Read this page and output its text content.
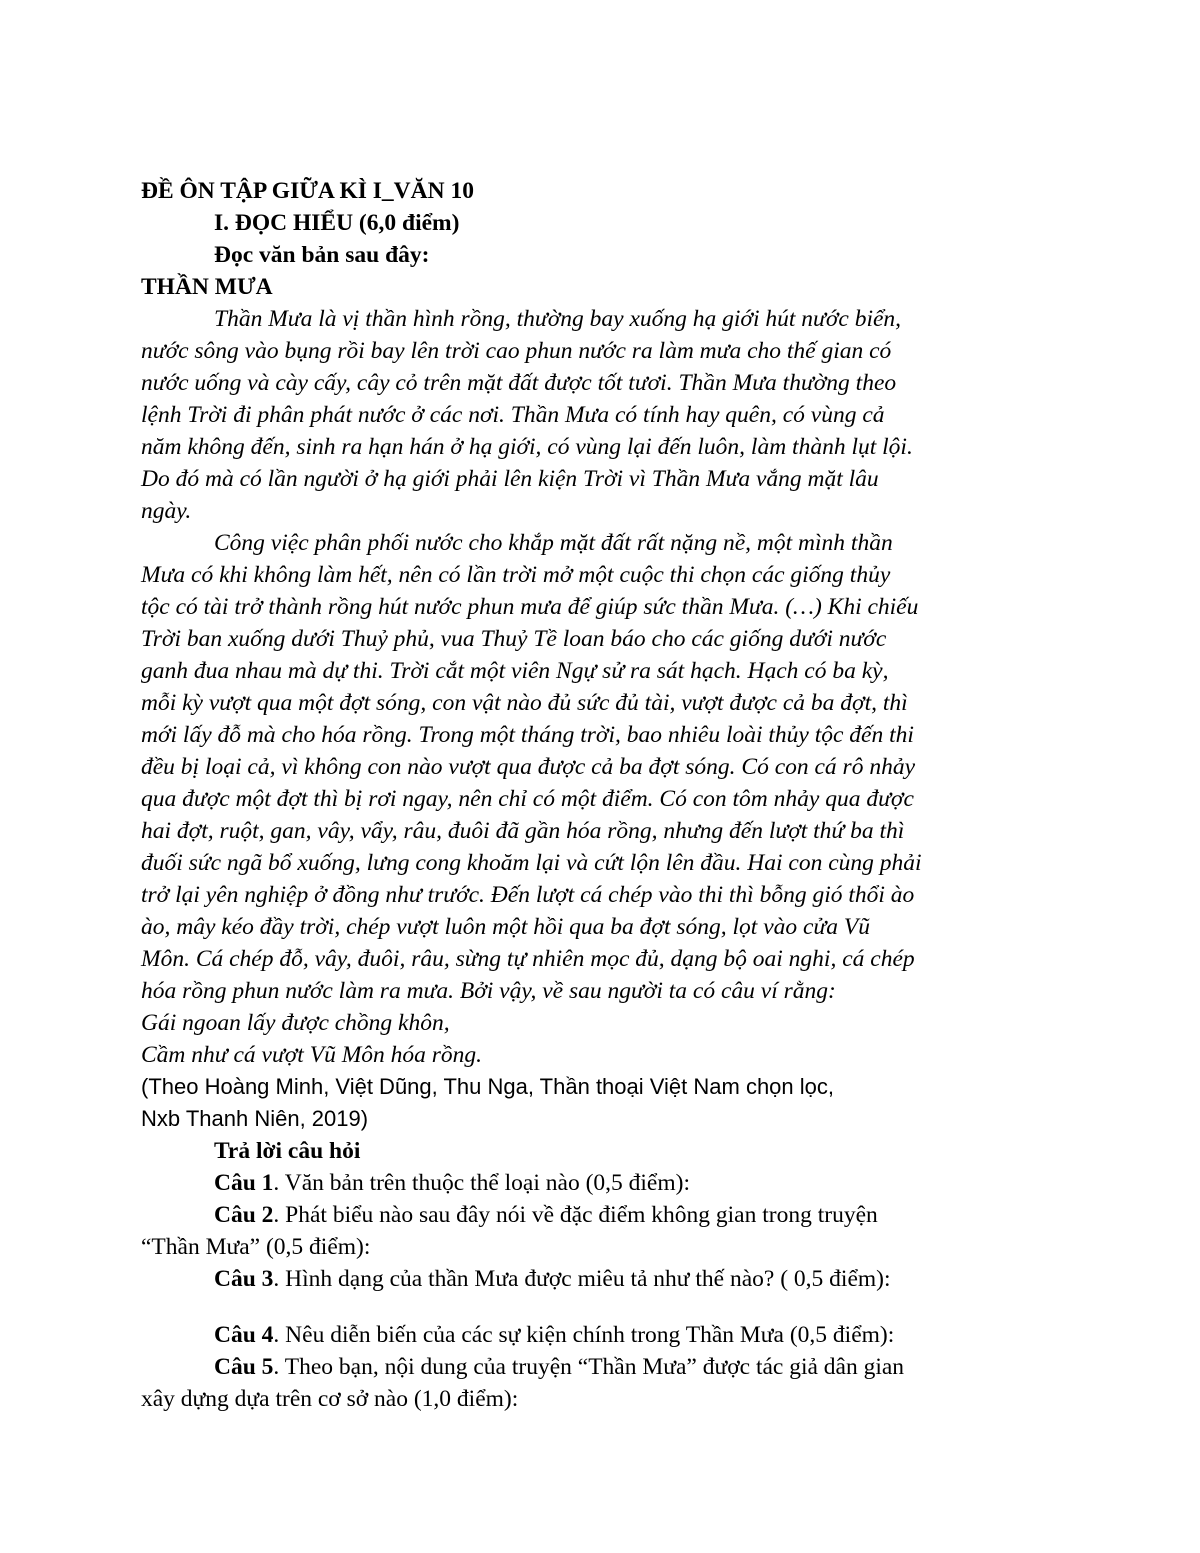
ĐỀ ÔN TẬP GIỮA KÌ I_VĂN 10
I. ĐỌC HIỂU (6,0 điểm)
Đọc văn bản sau đây:
THẦN MƯA
Thần Mưa là vị thần hình rồng, thường bay xuống hạ giới hút nước biển,
nước sông vào bụng rồi bay lên trời cao phun nước ra làm mưa cho thế gian có
nước uống và cày cấy, cây cỏ trên mặt đất được tốt tươi. Thần Mưa thường theo
lệnh Trời đi phân phát nước ở các nơi. Thần Mưa có tính hay quên, có vùng cả
năm không đến, sinh ra hạn hán ở hạ giới, có vùng lại đến luôn, làm thành lụt lội.
Do đó mà có lần người ở hạ giới phải lên kiện Trời vì Thần Mưa vắng mặt lâu
ngày.
Công việc phân phối nước cho khắp mặt đất rất nặng nề, một mình thần
Mưa có khi không làm hết, nên có lần trời mở một cuộc thi chọn các giống thủy
tộc có tài trở thành rồng hút nước phun mưa để giúp sức thần Mưa. (…) Khi chiếu
Trời ban xuống dưới Thuỷ phủ, vua Thuỷ Tề loan báo cho các giống dưới nước
ganh đua nhau mà dự thi. Trời cắt một viên Ngự sử ra sát hạch. Hạch có ba kỳ,
mỗi kỳ vượt qua một đợt sóng, con vật nào đủ sức đủ tài, vượt được cả ba đợt, thì
mới lấy đỗ mà cho hóa rồng. Trong một tháng trời, bao nhiêu loài thủy tộc đến thi
đều bị loại cả, vì không con nào vượt qua được cả ba đợt sóng. Có con cá rô nhảy
qua được một đợt thì bị rơi ngay, nên chỉ có một điểm. Có con tôm nhảy qua được
hai đợt, ruột, gan, vây, vẩy, râu, đuôi đã gần hóa rồng, nhưng đến lượt thứ ba thì
đuối sức ngã bổ xuống, lưng cong khoăm lại và cứt lộn lên đầu. Hai con cùng phải
trở lại yên nghiệp ở đồng như trước. Đến lượt cá chép vào thi thì bỗng gió thổi ào
ào, mây kéo đầy trời, chép vượt luôn một hồi qua ba đợt sóng, lọt vào cửa Vũ
Môn. Cá chép đỗ, vây, đuôi, râu, sừng tự nhiên mọc đủ, dạng bộ oai nghi, cá chép
hóa rồng phun nước làm ra mưa. Bởi vậy, về sau người ta có câu ví rằng:
Gái ngoan lấy được chồng khôn,
Cầm như cá vượt Vũ Môn hóa rồng.
(Theo Hoàng Minh, Việt Dũng, Thu Nga, Thần thoại Việt Nam chọn lọc,
Nxb Thanh Niên, 2019)
Trả lời câu hỏi
Câu 1. Văn bản trên thuộc thể loại nào (0,5 điểm):
Câu 2. Phát biểu nào sau đây nói về đặc điểm không gian trong truyện
“Thần Mưa” (0,5 điểm):
Câu 3. Hình dạng của thần Mưa được miêu tả như thế nào? ( 0,5 điểm):
Câu 4. Nêu diễn biến của các sự kiện chính trong Thần Mưa (0,5 điểm):
Câu 5. Theo bạn, nội dung của truyện “Thần Mưa” được tác giả dân gian
xây dựng dựa trên cơ sở nào (1,0 điểm):
